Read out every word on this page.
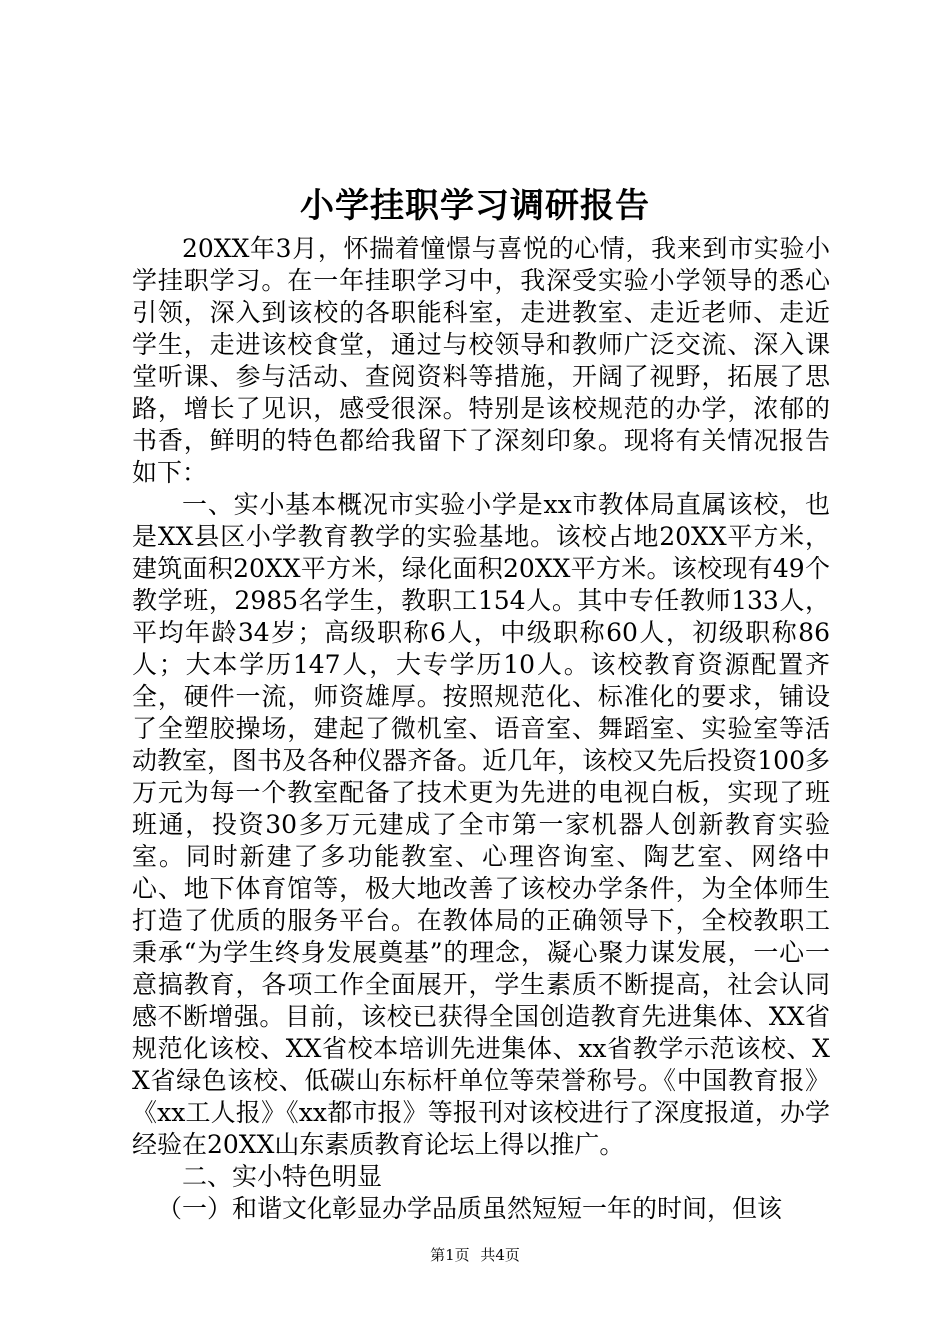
小学挂职学习调研报告

20XX年3月，怀揣着憧憬与喜悦的心情，我来到市实验小学挂职学习。在一年挂职学习中，我深受实验小学领导的悉心引领，深入到该校的各职能科室，走进教室、走近老师、走近学生，走进该校食堂，通过与校领导和教师广泛交流、深入课堂听课、参与活动、查阅资料等措施，开阔了视野，拓展了思路，增长了见识，感受很深。特别是该校规范的办学，浓郁的书香，鲜明的特色都给我留下了深刻印象。现将有关情况报告如下：

一、实小基本概况市实验小学是xx市教体局直属该校，也是XX县区小学教育教学的实验基地。该校占地20XX平方米，建筑面积20XX平方米，绿化面积20XX平方米。该校现有49个教学班，2985名学生，教职工154人。其中专任教师133人，平均年龄34岁；高级职称6人，中级职称60人，初级职称86人；大本学历147人，大专学历10人。该校教育资源配置齐全，硬件一流，师资雄厚。按照规范化、标准化的要求，铺设了全塑胶操场，建起了微机室、语音室、舞蹈室、实验室等活动教室，图书及各种仪器齐备。近几年，该校又先后投资100多万元为每一个教室配备了技术更为先进的电视白板，实现了班班通，投资30多万元建成了全市第一家机器人创新教育实验室。同时新建了多功能教室、心理咨询室、陶艺室、网络中心、地下体育馆等，极大地改善了该校办学条件，为全体师生打造了优质的服务平台。在教体局的正确领导下，全校教职工秉承“为学生终身发展奠基”的理念，凝心聚力谋发展，一心一意搞教育，各项工作全面展开，学生素质不断提高，社会认同感不断增强。目前，该校已获得全国创造教育先进集体、XX省规范化该校、XX省校本培训先进集体、xx省教学示范该校、XX省绿色该校、低碳山东标杆单位等荣誉称号。《中国教育报》《xx工人报》《xx都市报》等报刊对该校进行了深度报道，办学经验在20XX山东素质教育论坛上得以推广。

二、实小特色明显

（一）和谐文化彰显办学品质虽然短短一年的时间，但该

第1页 共4页
